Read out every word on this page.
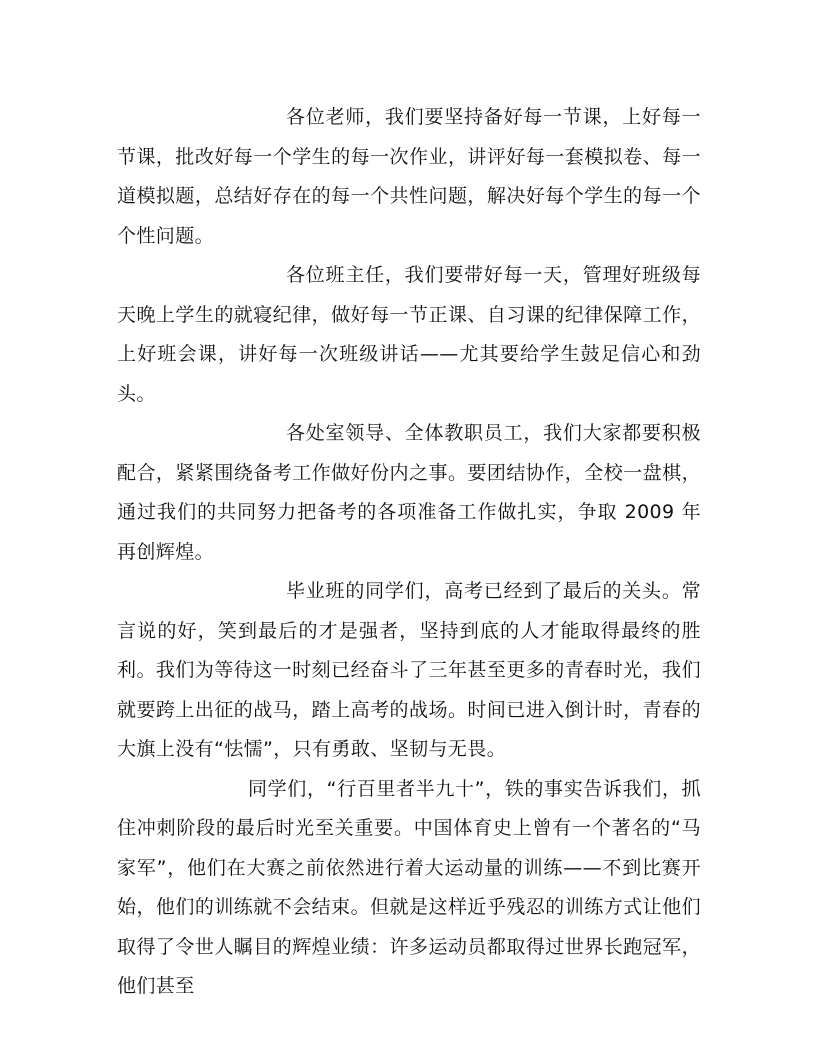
各位老师，我们要坚持备好每一节课，上好每一节课，批改好每一个学生的每一次作业，讲评好每一套模拟卷、每一道模拟题，总结好存在的每一个共性问题，解决好每个学生的每一个个性问题。

各位班主任，我们要带好每一天，管理好班级每天晚上学生的就寝纪律，做好每一节正课、自习课的纪律保障工作，上好班会课，讲好每一次班级讲话——尤其要给学生鼓足信心和劲头。

各处室领导、全体教职员工，我们大家都要积极配合，紧紧围绕备考工作做好份内之事。要团结协作，全校一盘棋，通过我们的共同努力把备考的各项准备工作做扎实，争取 2009 年再创辉煌。

毕业班的同学们，高考已经到了最后的关头。常言说的好，笑到最后的才是强者，坚持到底的人才能取得最终的胜利。我们为等待这一时刻已经奋斗了三年甚至更多的青春时光，我们就要跨上出征的战马，踏上高考的战场。时间已进入倒计时，青春的大旗上没有“怯懦”，只有勇敢、坚韧与无畏。

同学们，“行百里者半九十”，铁的事实告诉我们，抓住冲刺阶段的最后时光至关重要。中国体育史上曾有一个著名的“马家军”，他们在大赛之前依然进行着大运动量的训练——不到比赛开始，他们的训练就不会结束。但就是这样近乎残忍的训练方式让他们取得了令世人瞩目的辉煌业绩：许多运动员都取得过世界长跑冠军，他们甚至
